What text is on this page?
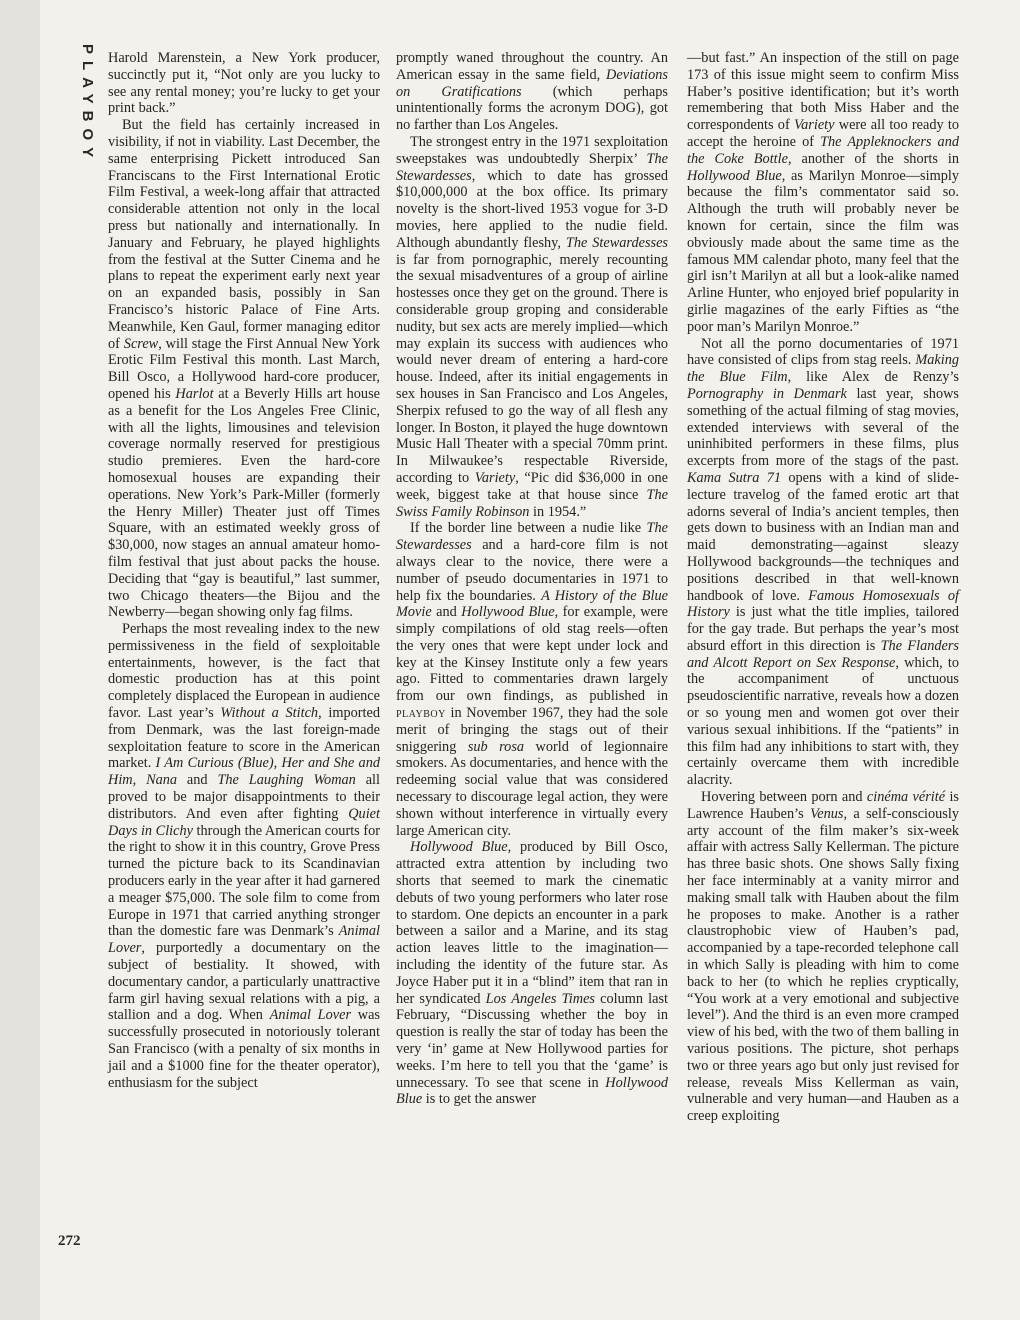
PLAYBOY
272

Harold Marenstein, a New York producer, succinctly put it, “Not only are you lucky to see any rental money; you’re lucky to get your print back.”

But the field has certainly increased in visibility, if not in viability. Last December, the same enterprising Pickett introduced San Franciscans to the First International Erotic Film Festival, a week-long affair that attracted considerable attention not only in the local press but nationally and internationally. In January and February, he played highlights from the festival at the Sutter Cinema and he plans to repeat the experiment early next year on an expanded basis, possibly in San Francisco’s historic Palace of Fine Arts. Meanwhile, Ken Gaul, former managing editor of Screw, will stage the First Annual New York Erotic Film Festival this month. Last March, Bill Osco, a Hollywood hard-core producer, opened his Harlot at a Beverly Hills art house as a benefit for the Los Angeles Free Clinic, with all the lights, limousines and television coverage normally reserved for prestigious studio premieres. Even the hard-core homosexual houses are expanding their operations. New York’s Park-Miller (formerly the Henry Miller) Theater just off Times Square, with an estimated weekly gross of $30,000, now stages an annual amateur homo-film festival that just about packs the house. Deciding that “gay is beautiful,” last summer, two Chicago theaters—the Bijou and the Newberry—began showing only fag films.

Perhaps the most revealing index to the new permissiveness in the field of sexploitable entertainments, however, is the fact that domestic production has at this point completely displaced the European in audience favor. Last year’s Without a Stitch, imported from Denmark, was the last foreign-made sexploitation feature to score in the American market. I Am Curious (Blue), Her and She and Him, Nana and The Laughing Woman all proved to be major disappointments to their distributors. And even after fighting Quiet Days in Clichy through the American courts for the right to show it in this country, Grove Press turned the picture back to its Scandinavian producers early in the year after it had garnered a meager $75,000. The sole film to come from Europe in 1971 that carried anything stronger than the domestic fare was Denmark’s Animal Lover, purportedly a documentary on the subject of bestiality. It showed, with documentary candor, a particularly unattractive farm girl having sexual relations with a pig, a stallion and a dog. When Animal Lover was successfully prosecuted in notoriously tolerant San Francisco (with a penalty of six months in jail and a $1000 fine for the theater operator), enthusiasm for the subject

promptly waned throughout the country. An American essay in the same field, Deviations on Gratifications (which perhaps unintentionally forms the acronym DOG), got no farther than Los Angeles.

The strongest entry in the 1971 sexploitation sweepstakes was undoubtedly Sherpix’ The Stewardesses, which to date has grossed $10,000,000 at the box office. Its primary novelty is the short-lived 1953 vogue for 3-D movies, here applied to the nudie field. Although abundantly fleshy, The Stewardesses is far from pornographic, merely recounting the sexual misadventures of a group of airline hostesses once they get on the ground. There is considerable group groping and considerable nudity, but sex acts are merely implied—which may explain its success with audiences who would never dream of entering a hard-core house. Indeed, after its initial engagements in sex houses in San Francisco and Los Angeles, Sherpix refused to go the way of all flesh any longer. In Boston, it played the huge downtown Music Hall Theater with a special 70mm print. In Milwaukee’s respectable Riverside, according to Variety, “Pic did $36,000 in one week, biggest take at that house since The Swiss Family Robinson in 1954.”

If the border line between a nudie like The Stewardesses and a hard-core film is not always clear to the novice, there were a number of pseudo documentaries in 1971 to help fix the boundaries. A History of the Blue Movie and Hollywood Blue, for example, were simply compilations of old stag reels—often the very ones that were kept under lock and key at the Kinsey Institute only a few years ago. Fitted to commentaries drawn largely from our own findings, as published in playboy in November 1967, they had the sole merit of bringing the stags out of their sniggering sub rosa world of legionnaire smokers. As documentaries, and hence with the redeeming social value that was considered necessary to discourage legal action, they were shown without interference in virtually every large American city.

Hollywood Blue, produced by Bill Osco, attracted extra attention by including two shorts that seemed to mark the cinematic debuts of two young performers who later rose to stardom. One depicts an encounter in a park between a sailor and a Marine, and its stag action leaves little to the imagination—including the identity of the future star. As Joyce Haber put it in a “blind” item that ran in her syndicated Los Angeles Times column last February, “Discussing whether the boy in question is really the star of today has been the very ‘in’ game at New Hollywood parties for weeks. I’m here to tell you that the ‘game’ is unnecessary. To see that scene in Hollywood Blue is to get the answer

—but fast.” An inspection of the still on page 173 of this issue might seem to confirm Miss Haber’s positive identification; but it’s worth remembering that both Miss Haber and the correspondents of Variety were all too ready to accept the heroine of The Appleknockers and the Coke Bottle, another of the shorts in Hollywood Blue, as Marilyn Monroe—simply because the film’s commentator said so. Although the truth will probably never be known for certain, since the film was obviously made about the same time as the famous MM calendar photo, many feel that the girl isn’t Marilyn at all but a look-alike named Arline Hunter, who enjoyed brief popularity in girlie magazines of the early Fifties as “the poor man’s Marilyn Monroe.”

Not all the porno documentaries of 1971 have consisted of clips from stag reels. Making the Blue Film, like Alex de Renzy’s Pornography in Denmark last year, shows something of the actual filming of stag movies, extended interviews with several of the uninhibited performers in these films, plus excerpts from more of the stags of the past. Kama Sutra 71 opens with a kind of slide-lecture travelog of the famed erotic art that adorns several of India’s ancient temples, then gets down to business with an Indian man and maid demonstrating—against sleazy Hollywood backgrounds—the techniques and positions described in that well-known handbook of love. Famous Homosexuals of History is just what the title implies, tailored for the gay trade. But perhaps the year’s most absurd effort in this direction is The Flanders and Alcott Report on Sex Response, which, to the accompaniment of unctuous pseudoscientific narrative, reveals how a dozen or so young men and women got over their various sexual inhibitions. If the “patients” in this film had any inhibitions to start with, they certainly overcame them with incredible alacrity.

Hovering between porn and cinéma vérité is Lawrence Hauben’s Venus, a self-consciously arty account of the film maker’s six-week affair with actress Sally Kellerman. The picture has three basic shots. One shows Sally fixing her face interminably at a vanity mirror and making small talk with Hauben about the film he proposes to make. Another is a rather claustrophobic view of Hauben’s pad, accompanied by a tape-recorded telephone call in which Sally is pleading with him to come back to her (to which he replies cryptically, “You work at a very emotional and subjective level”). And the third is an even more cramped view of his bed, with the two of them balling in various positions. The picture, shot perhaps two or three years ago but only just revised for release, reveals Miss Kellerman as vain, vulnerable and very human—and Hauben as a creep exploiting
